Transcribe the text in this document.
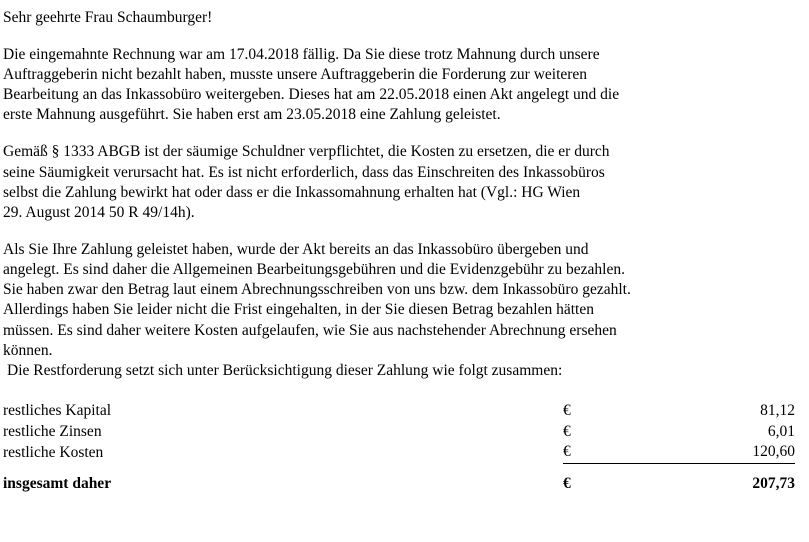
Sehr geehrte Frau Schaumburger!

Die eingemahnte Rechnung war am 17.04.2018 fällig. Da Sie diese trotz Mahnung durch unsere
Auftraggeberin nicht bezahlt haben, musste unsere Auftraggeberin die Forderung zur weiteren
Bearbeitung an das Inkassobüro weitergeben. Dieses hat am 22.05.2018 einen Akt angelegt und die
erste Mahnung ausgeführt. Sie haben erst am 23.05.2018 eine Zahlung geleistet.
Gemäß § 1333 ABGB ist der säumige Schuldner verpflichtet, die Kosten zu ersetzen, die er durch
seine Säumigkeit verursacht hat. Es ist nicht erforderlich, dass das Einschreiten des Inkassobüros
selbst die Zahlung bewirkt hat oder dass er die Inkassomahnung erhalten hat (Vgl.: HG Wien
29. August 2014 50 R 49/14h).
Als Sie Ihre Zahlung geleistet haben, wurde der Akt bereits an das Inkassobüro übergeben und
angelegt. Es sind daher die Allgemeinen Bearbeitungsgebühren und die Evidenzgebühr zu bezahlen.
Sie haben zwar den Betrag laut einem Abrechnungsschreiben von uns bzw. dem Inkassobüro gezahlt.
Allerdings haben Sie leider nicht die Frist eingehalten, in der Sie diesen Betrag bezahlen hätten
müssen. Es sind daher weitere Kosten aufgelaufen, wie Sie aus nachstehender Abrechnung ersehen
können.

Die Restforderung setzt sich unter Berücksichtigung dieser Zahlung wie folgt zusammen:

restliches Kapital	€	81,12
restliche Zinsen	€	6,01
restliche Kosten	€	120,60

insgesamt daher	€	207,73
